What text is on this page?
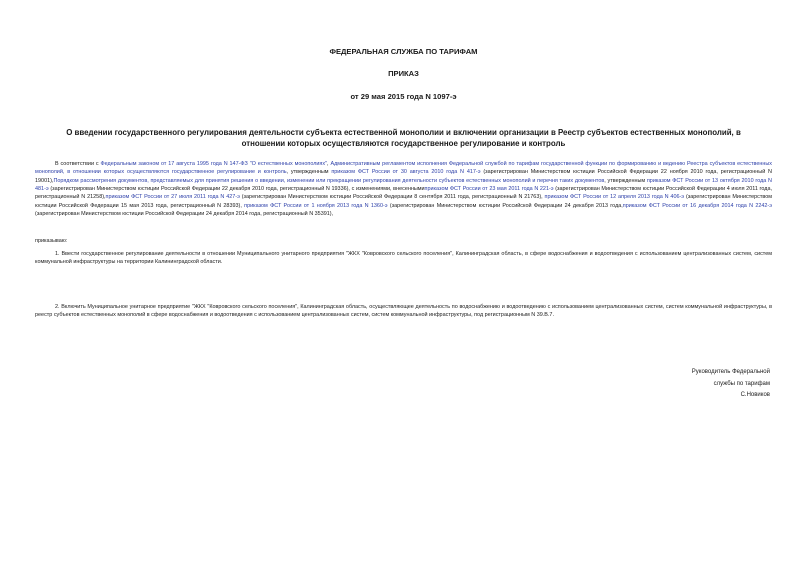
ФЕДЕРАЛЬНАЯ СЛУЖБА ПО ТАРИФАМ
ПРИКАЗ
от 29 мая 2015 года N 1097-э
О введении государственного регулирования деятельности субъекта естественной монополии и включении организации в Реестр субъектов естественных монополий, в отношении которых осуществляются государственное регулирование и контроль

В соответствии с Федеральным законом от 17 августа 1995 года N 147-ФЗ "О естественных монополиях", Административным регламентом исполнения Федеральной службой по тарифам государственной функции по формированию и ведению Реестра субъектов естественных монополий, в отношении которых осуществляются государственное регулирование и контроль, утвержденным приказом ФСТ России от 30 августа 2010 года N 417-э (зарегистрирован Министерством юстиции Российской Федерации 22 ноября 2010 года, регистрационный N 19001),Порядком рассмотрения документов, представляемых для принятия решения о введении, изменении или прекращении регулирования деятельности субъектов естественных монополий и перечня таких документов, утвержденным приказом ФСТ России от 13 октября 2010 года N 481-э (зарегистрирован Министерством юстиции Российской Федерации 22 декабря 2010 года, регистрационный N 19336), с изменениями, внесеннымиприказом ФСТ России от 23 мая 2011 года N 221-э (зарегистрирован Министерством юстиции Российской Федерации 4 июля 2011 года, регистрационный N 21258),приказом ФСТ России от 27 июля 2011 года N 427-э (зарегистрирован Министерством юстиции Российской Федерации 8 сентября 2011 года, регистрационный N 21763), приказом ФСТ России от 12 апреля 2013 года N 406-э (зарегистрирован Министерством юстиции Российской Федерации 15 мая 2013 года, регистрационный N 28393), приказом ФСТ России от 1 ноября 2013 года N 1360-э (зарегистрирован Министерством юстиции Российской Федерации 24 декабря 2013 года,приказом ФСТ России от 16 декабря 2014 года N 2242-э (зарегистрирован Министерством юстиции Российской Федерации 24 декабря 2014 года, регистрационный N 35391),

приказываю:

1. Ввести государственное регулирование деятельности в отношении Муниципального унитарного предприятия "ЖКХ "Ковровского сельского поселения", Калининградская область, в сфере водоснабжения и водоотведения с использованием централизованных систем, систем коммунальной инфраструктуры на территории Калининградской области.

2. Включить Муниципальное унитарное предприятие "ЖКХ "Ковровского сельского поселения", Калининградская область, осуществляющее деятельность по водоснабжению и водоотведению с использованием централизованных систем, систем коммунальной инфраструктуры, в реестр субъектов естественных монополий в сфере водоснабжения и водоотведения с использованием централизованных систем, систем коммунальной инфраструктуры, под регистрационным N 39.В.7.

Руководитель Федеральной
службы по тарифам
С.Новиков
